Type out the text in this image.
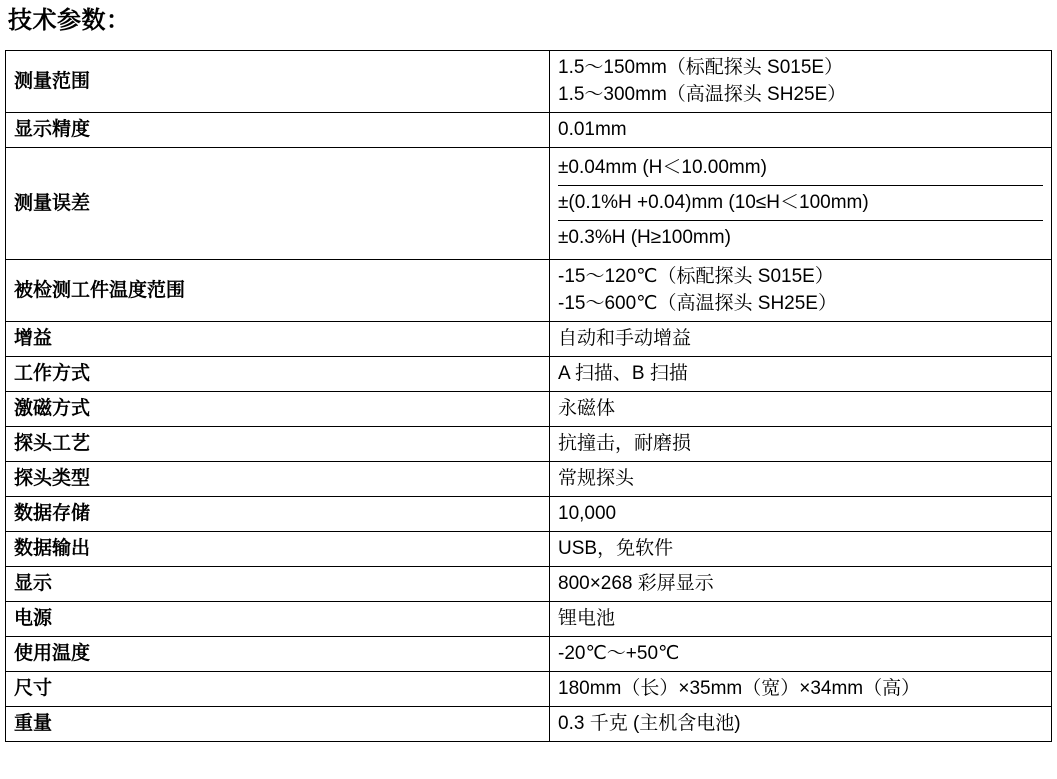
技术参数：
测量范围	
1.5～150mm（标配探头 S015E）
1.5～300mm（高温探头 SH25E）

显示精度	0.01mm

测量误差	
±0.04mm (H＜10.00mm)
±(0.1%H +0.04)mm (10≤H＜100mm)
±0.3%H (H≥100mm)

被检测工件温度范围	
-15～120℃（标配探头 S015E）
-15～600℃（高温探头 SH25E）

增益	自动和手动增益

工作方式	A 扫描、B 扫描

激磁方式	永磁体

探头工艺	抗撞击，耐磨损

探头类型	常规探头

数据存储	10,000

数据输出	USB，免软件

显示	800×268 彩屏显示

电源	锂电池

使用温度	-20℃～+50℃

尺寸	180mm（长）×35mm（宽）×34mm（高）

重量	0.3 千克 (主机含电池)
